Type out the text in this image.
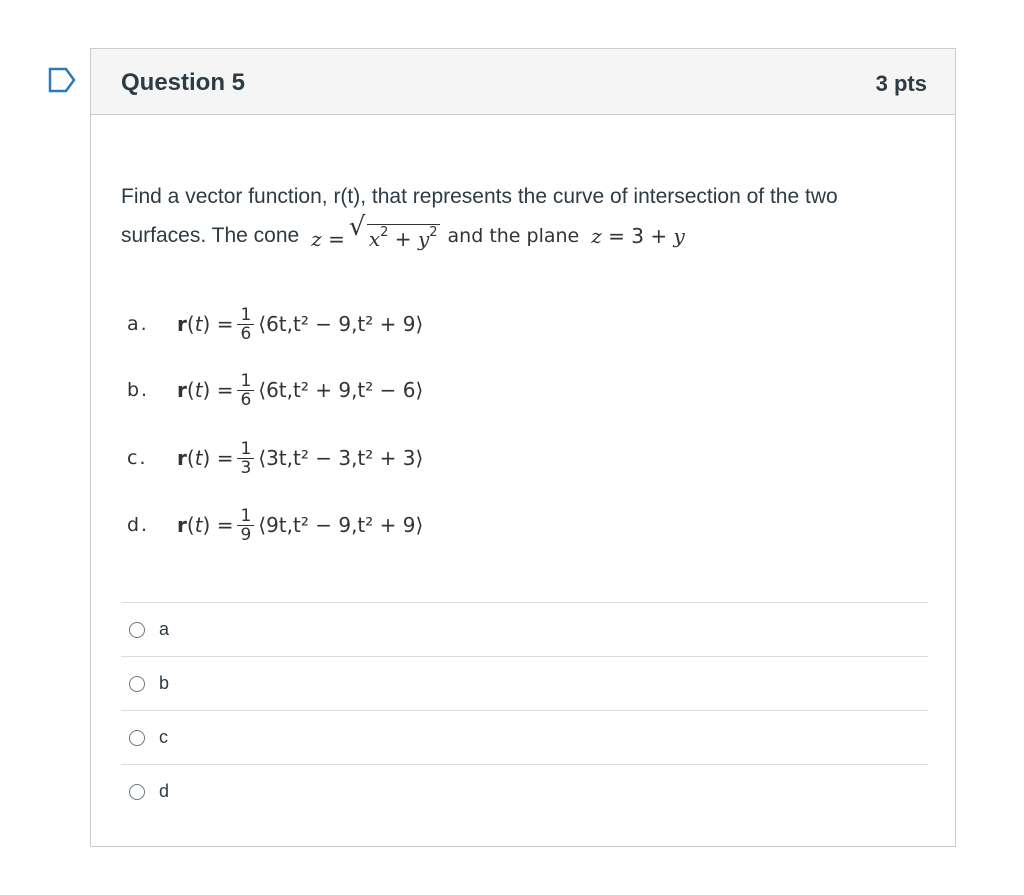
Question 5	3 pts
Find a vector function, r(t), that represents the curve of intersection of the two
surfaces. The cone z = √ $x^2 + y^2$ and the plane z = 3 + y
a.	r ( t ) = $\frac{1}{6}$ ⟨6t,t² − 9,t² + 9⟩
b.	r ( t ) = $\frac{1}{6}$ ⟨6t,t² + 9,t² − 6⟩
c.	r ( t ) = $\frac{1}{3}$ ⟨3t,t² − 3,t² + 3⟩
d.	r ( t ) = $\frac{1}{9}$ ⟨9t,t² − 9,t² + 9⟩
a
b
c
d
